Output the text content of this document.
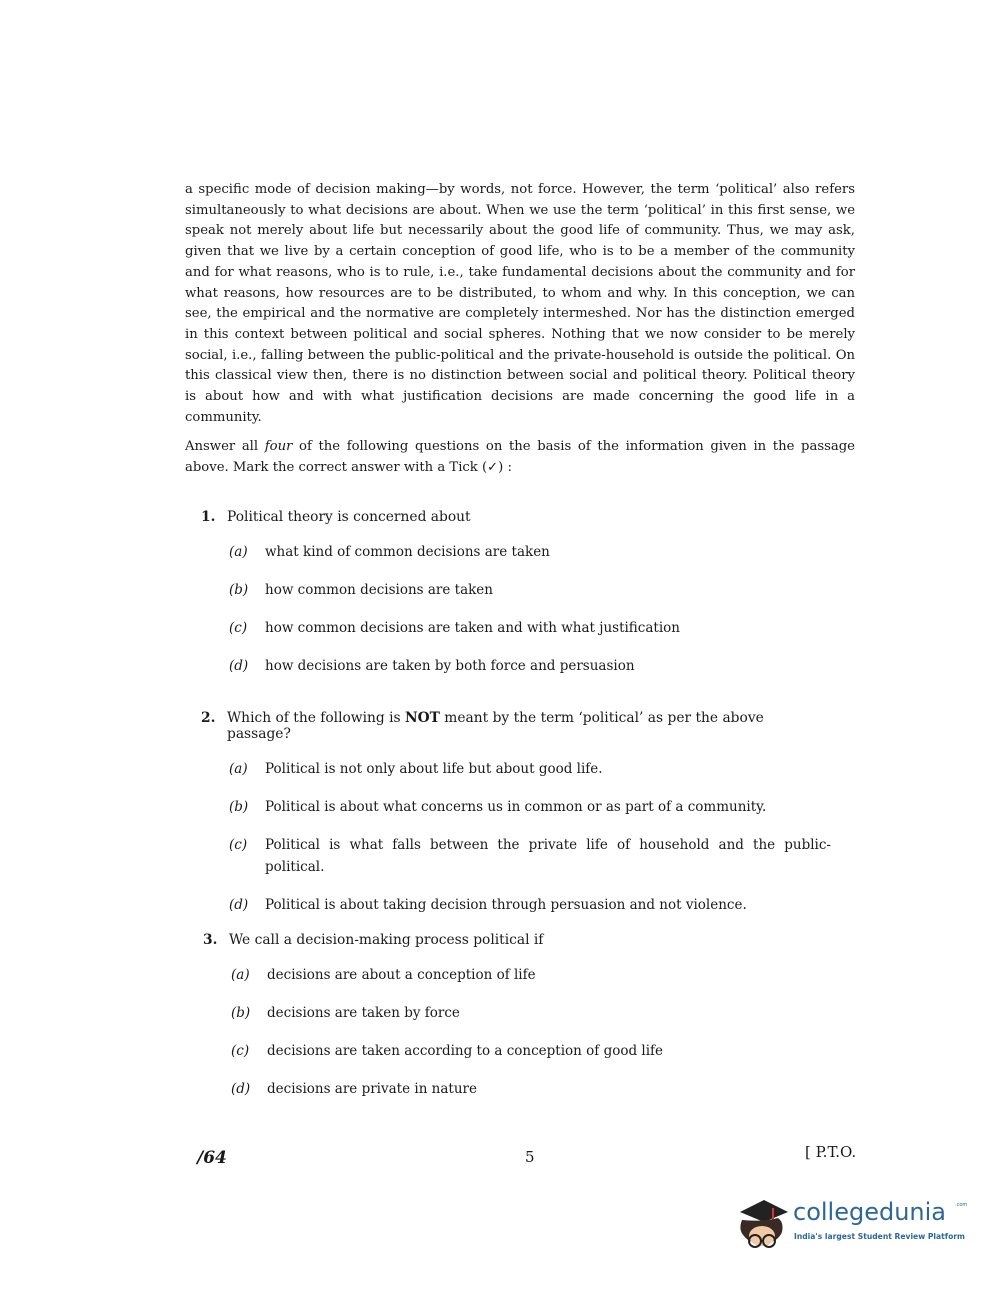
a specific mode of decision making—by words, not force. However, the term ‘political’ also refers simultaneously to what decisions are about. When we use the term ‘political’ in this first sense, we speak not merely about life but necessarily about the good life of community. Thus, we may ask, given that we live by a certain conception of good life, who is to be a member of the community and for what reasons, who is to rule, i.e., take fundamental decisions about the community and for what reasons, how resources are to be distributed, to whom and why. In this conception, we can see, the empirical and the normative are completely intermeshed. Nor has the distinction emerged in this context between political and social spheres. Nothing that we now consider to be merely social, i.e., falling between the public-political and the private-household is outside the political. On this classical view then, there is no distinction between social and political theory. Political theory is about how and with what justification decisions are made concerning the good life in a community.
Answer all four of the following questions on the basis of the information given in the passage above. Mark the correct answer with a Tick (✓) :
1. Political theory is concerned about
(a)	what kind of common decisions are taken
(b)	how common decisions are taken
(c)	how common decisions are taken and with what justification
(d)	how decisions are taken by both force and persuasion
2. Which of the following is NOT meant by the term ‘political’ as per the above passage?
(a)	Political is not only about life but about good life.
(b)	Political is about what concerns us in common or as part of a community.
(c)	Political is what falls between the private life of household and the public-political.
(d)	Political is about taking decision through persuasion and not violence.
3. We call a decision-making process political if
(a)	decisions are about a conception of life
(b)	decisions are taken by force
(c)	decisions are taken according to a conception of good life
(d)	decisions are private in nature
/64	5	[ P.T.O.
collegedunia .com
India's largest Student Review Platform
